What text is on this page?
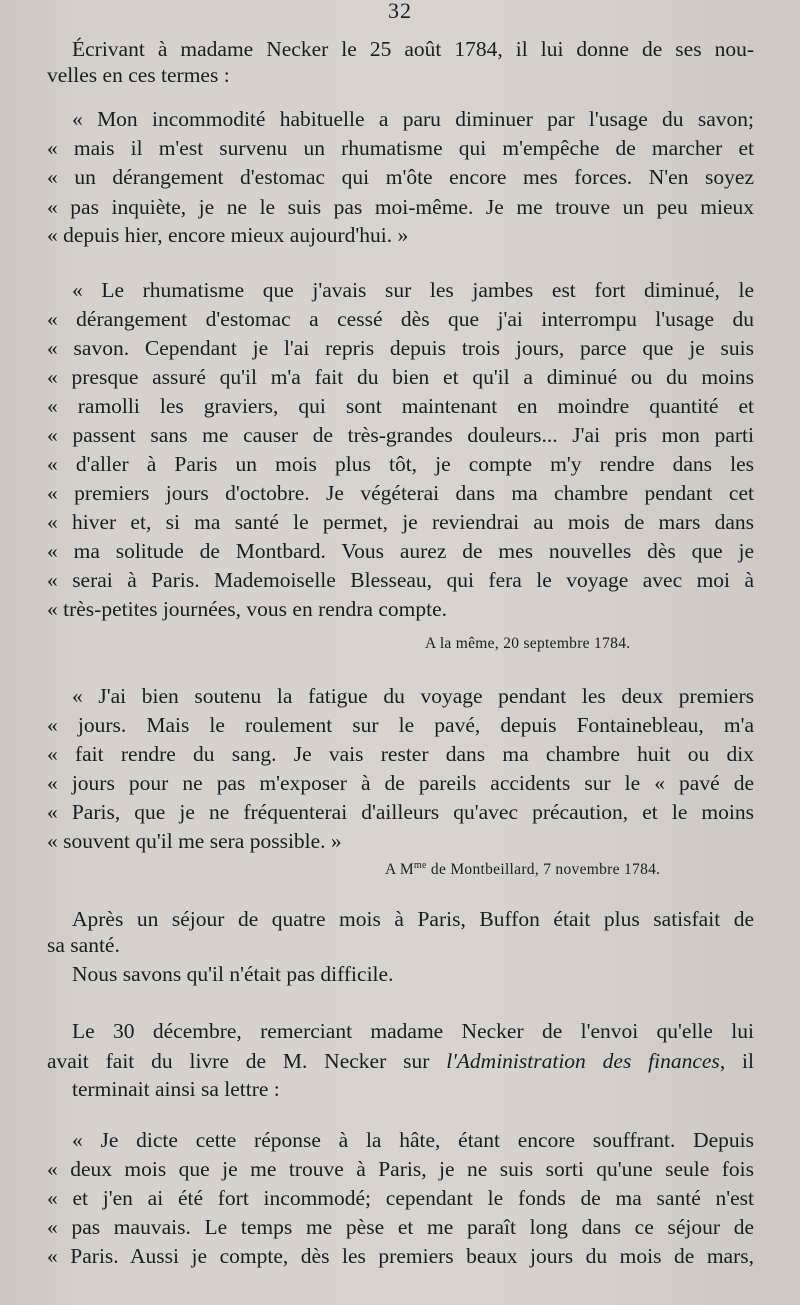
32

avait fait du livre de M. Necker sur l'Administration des finances, il

A la même, 20 septembre 1784.

A $M^{me}$ de Montbeillard, 7 novembre 1784.

Écrivant à madame Necker le 25 août 1784, il lui donne de ses nou-

velles en ces termes :

« Mon incommodité habituelle a paru diminuer par l'usage du savon;

« mais il m'est survenu un rhumatisme qui m'empêche de marcher et

« un dérangement d'estomac qui m'ôte encore mes forces. N'en soyez

« pas inquiète, je ne le suis pas moi-même. Je me trouve un peu mieux

« depuis hier, encore mieux aujourd'hui. »

« Le rhumatisme que j'avais sur les jambes est fort diminué, le

« dérangement d'estomac a cessé dès que j'ai interrompu l'usage du

« savon. Cependant je l'ai repris depuis trois jours, parce que je suis

« presque assuré qu'il m'a fait du bien et qu'il a diminué ou du moins

« ramolli les graviers, qui sont maintenant en moindre quantité et

« passent sans me causer de très-grandes douleurs... J'ai pris mon parti

« d'aller à Paris un mois plus tôt, je compte m'y rendre dans les

« premiers jours d'octobre. Je végéterai dans ma chambre pendant cet

« hiver et, si ma santé le permet, je reviendrai au mois de mars dans

« ma solitude de Montbard. Vous aurez de mes nouvelles dès que je

« serai à Paris. Mademoiselle Blesseau, qui fera le voyage avec moi à

« très-petites journées, vous en rendra compte.

« J'ai bien soutenu la fatigue du voyage pendant les deux premiers

« jours. Mais le roulement sur le pavé, depuis Fontainebleau, m'a

« fait rendre du sang. Je vais rester dans ma chambre huit ou dix

« jours pour ne pas m'exposer à de pareils accidents sur le « pavé de

« Paris, que je ne fréquenterai d'ailleurs qu'avec précaution, et le moins

« souvent qu'il me sera possible. »

Après un séjour de quatre mois à Paris, Buffon était plus satisfait de

sa santé.

Nous savons qu'il n'était pas difficile.

Le 30 décembre, remerciant madame Necker de l'envoi qu'elle lui

terminait ainsi sa lettre :

« Je dicte cette réponse à la hâte, étant encore souffrant. Depuis

« deux mois que je me trouve à Paris, je ne suis sorti qu'une seule fois

« et j'en ai été fort incommodé; cependant le fonds de ma santé n'est

« pas mauvais. Le temps me pèse et me paraît long dans ce séjour de

« Paris. Aussi je compte, dès les premiers beaux jours du mois de mars,
